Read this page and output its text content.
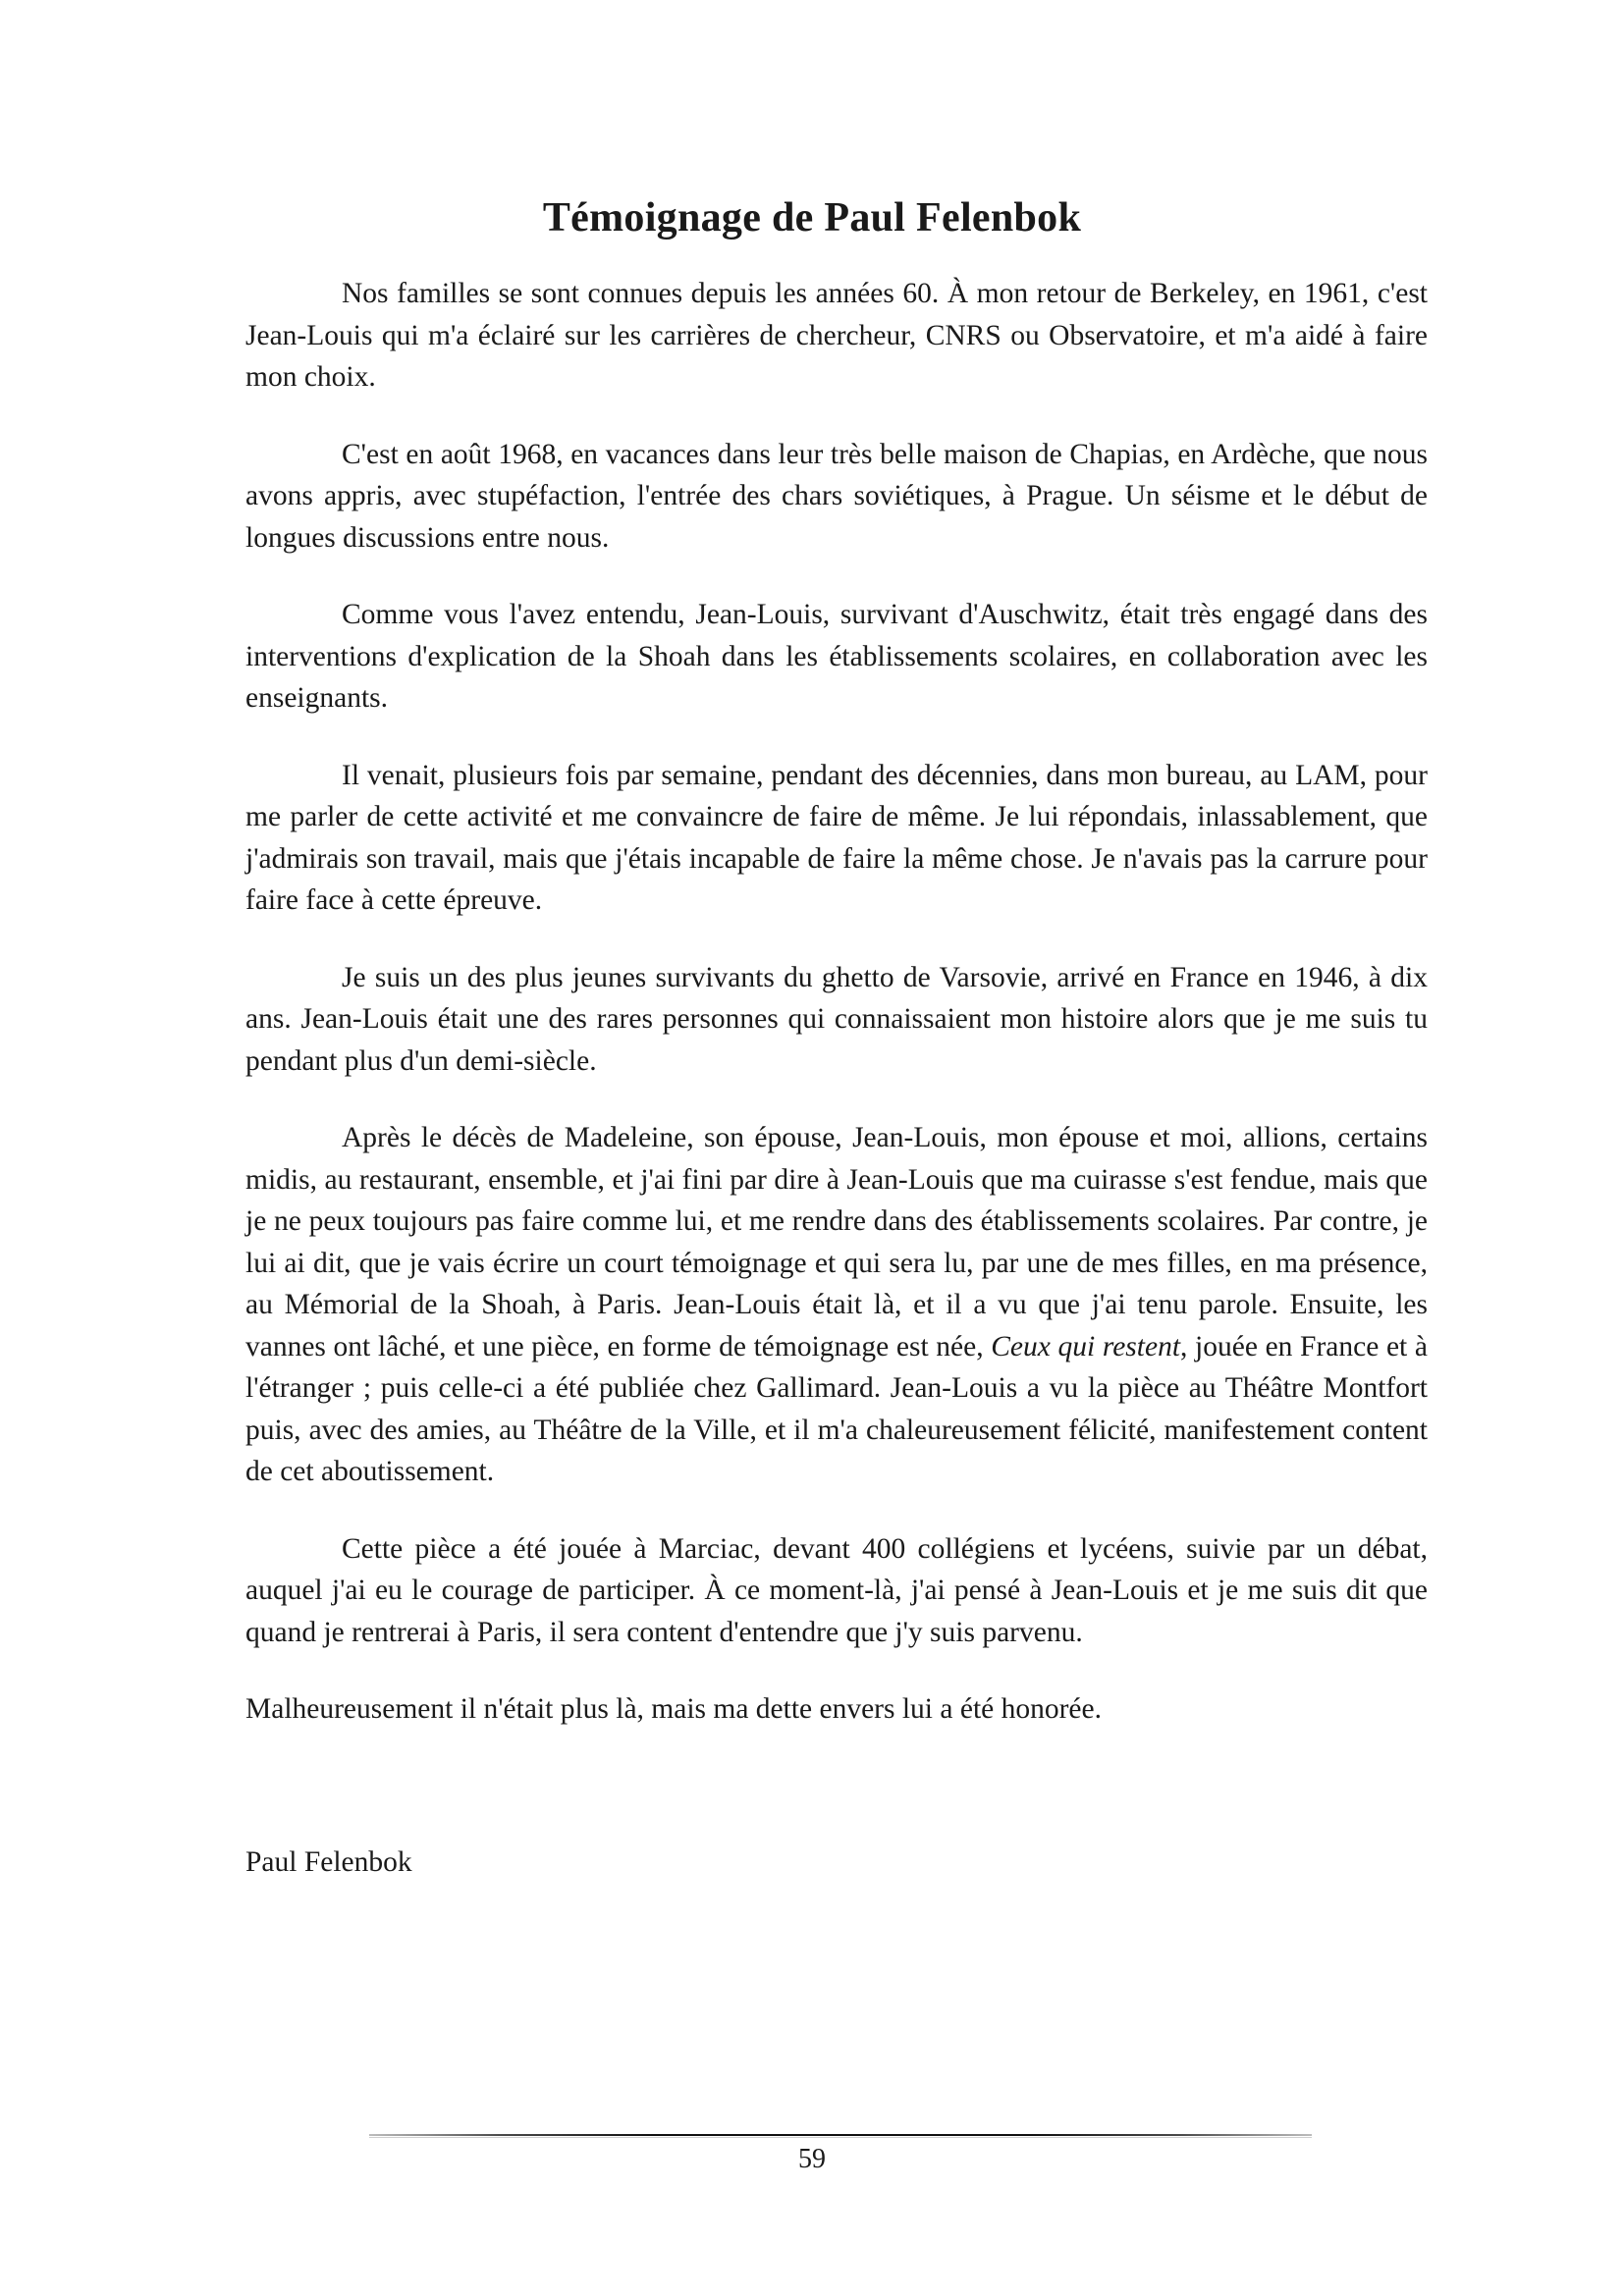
Témoignage de Paul Felenbok

Nos familles se sont connues depuis les années 60. À mon retour de Berkeley, en 1961, c'est Jean-Louis qui m'a éclairé sur les carrières de chercheur, CNRS ou Observatoire, et m'a aidé à faire mon choix.

C'est en août 1968, en vacances dans leur très belle maison de Chapias, en Ardèche, que nous avons appris, avec stupéfaction, l'entrée des chars soviétiques, à Prague. Un séisme et le début de longues discussions entre nous.

Comme vous l'avez entendu, Jean-Louis, survivant d'Auschwitz, était très engagé dans des interventions d'explication de la Shoah dans les établissements scolaires, en collaboration avec les enseignants.

Il venait, plusieurs fois par semaine, pendant des décennies, dans mon bureau, au LAM, pour me parler de cette activité et me convaincre de faire de même. Je lui répondais, inlassablement, que j'admirais son travail, mais que j'étais incapable de faire la même chose. Je n'avais pas la carrure pour faire face à cette épreuve.

Je suis un des plus jeunes survivants du ghetto de Varsovie, arrivé en France en 1946, à dix ans. Jean-Louis était une des rares personnes qui connaissaient mon histoire alors que je me suis tu pendant plus d'un demi-siècle.

Après le décès de Madeleine, son épouse, Jean-Louis, mon épouse et moi, allions, certains midis, au restaurant, ensemble, et j'ai fini par dire à Jean-Louis que ma cuirasse s'est fendue, mais que je ne peux toujours pas faire comme lui, et me rendre dans des établissements scolaires. Par contre, je lui ai dit, que je vais écrire un court témoignage et qui sera lu, par une de mes filles, en ma présence, au Mémorial de la Shoah, à Paris. Jean-Louis était là, et il a vu que j'ai tenu parole. Ensuite, les vannes ont lâché, et une pièce, en forme de témoignage est née, Ceux qui restent, jouée en France et à l'étranger ; puis celle-ci a été publiée chez Gallimard. Jean-Louis a vu la pièce au Théâtre Montfort puis, avec des amies, au Théâtre de la Ville, et il m'a chaleureusement félicité, manifestement content de cet aboutissement.

Cette pièce a été jouée à Marciac, devant 400 collégiens et lycéens, suivie par un débat, auquel j'ai eu le courage de participer. À ce moment-là, j'ai pensé à Jean-Louis et je me suis dit que quand je rentrerai à Paris, il sera content d'entendre que j'y suis parvenu.

Malheureusement il n'était plus là, mais ma dette envers lui a été honorée.

Paul Felenbok

59
